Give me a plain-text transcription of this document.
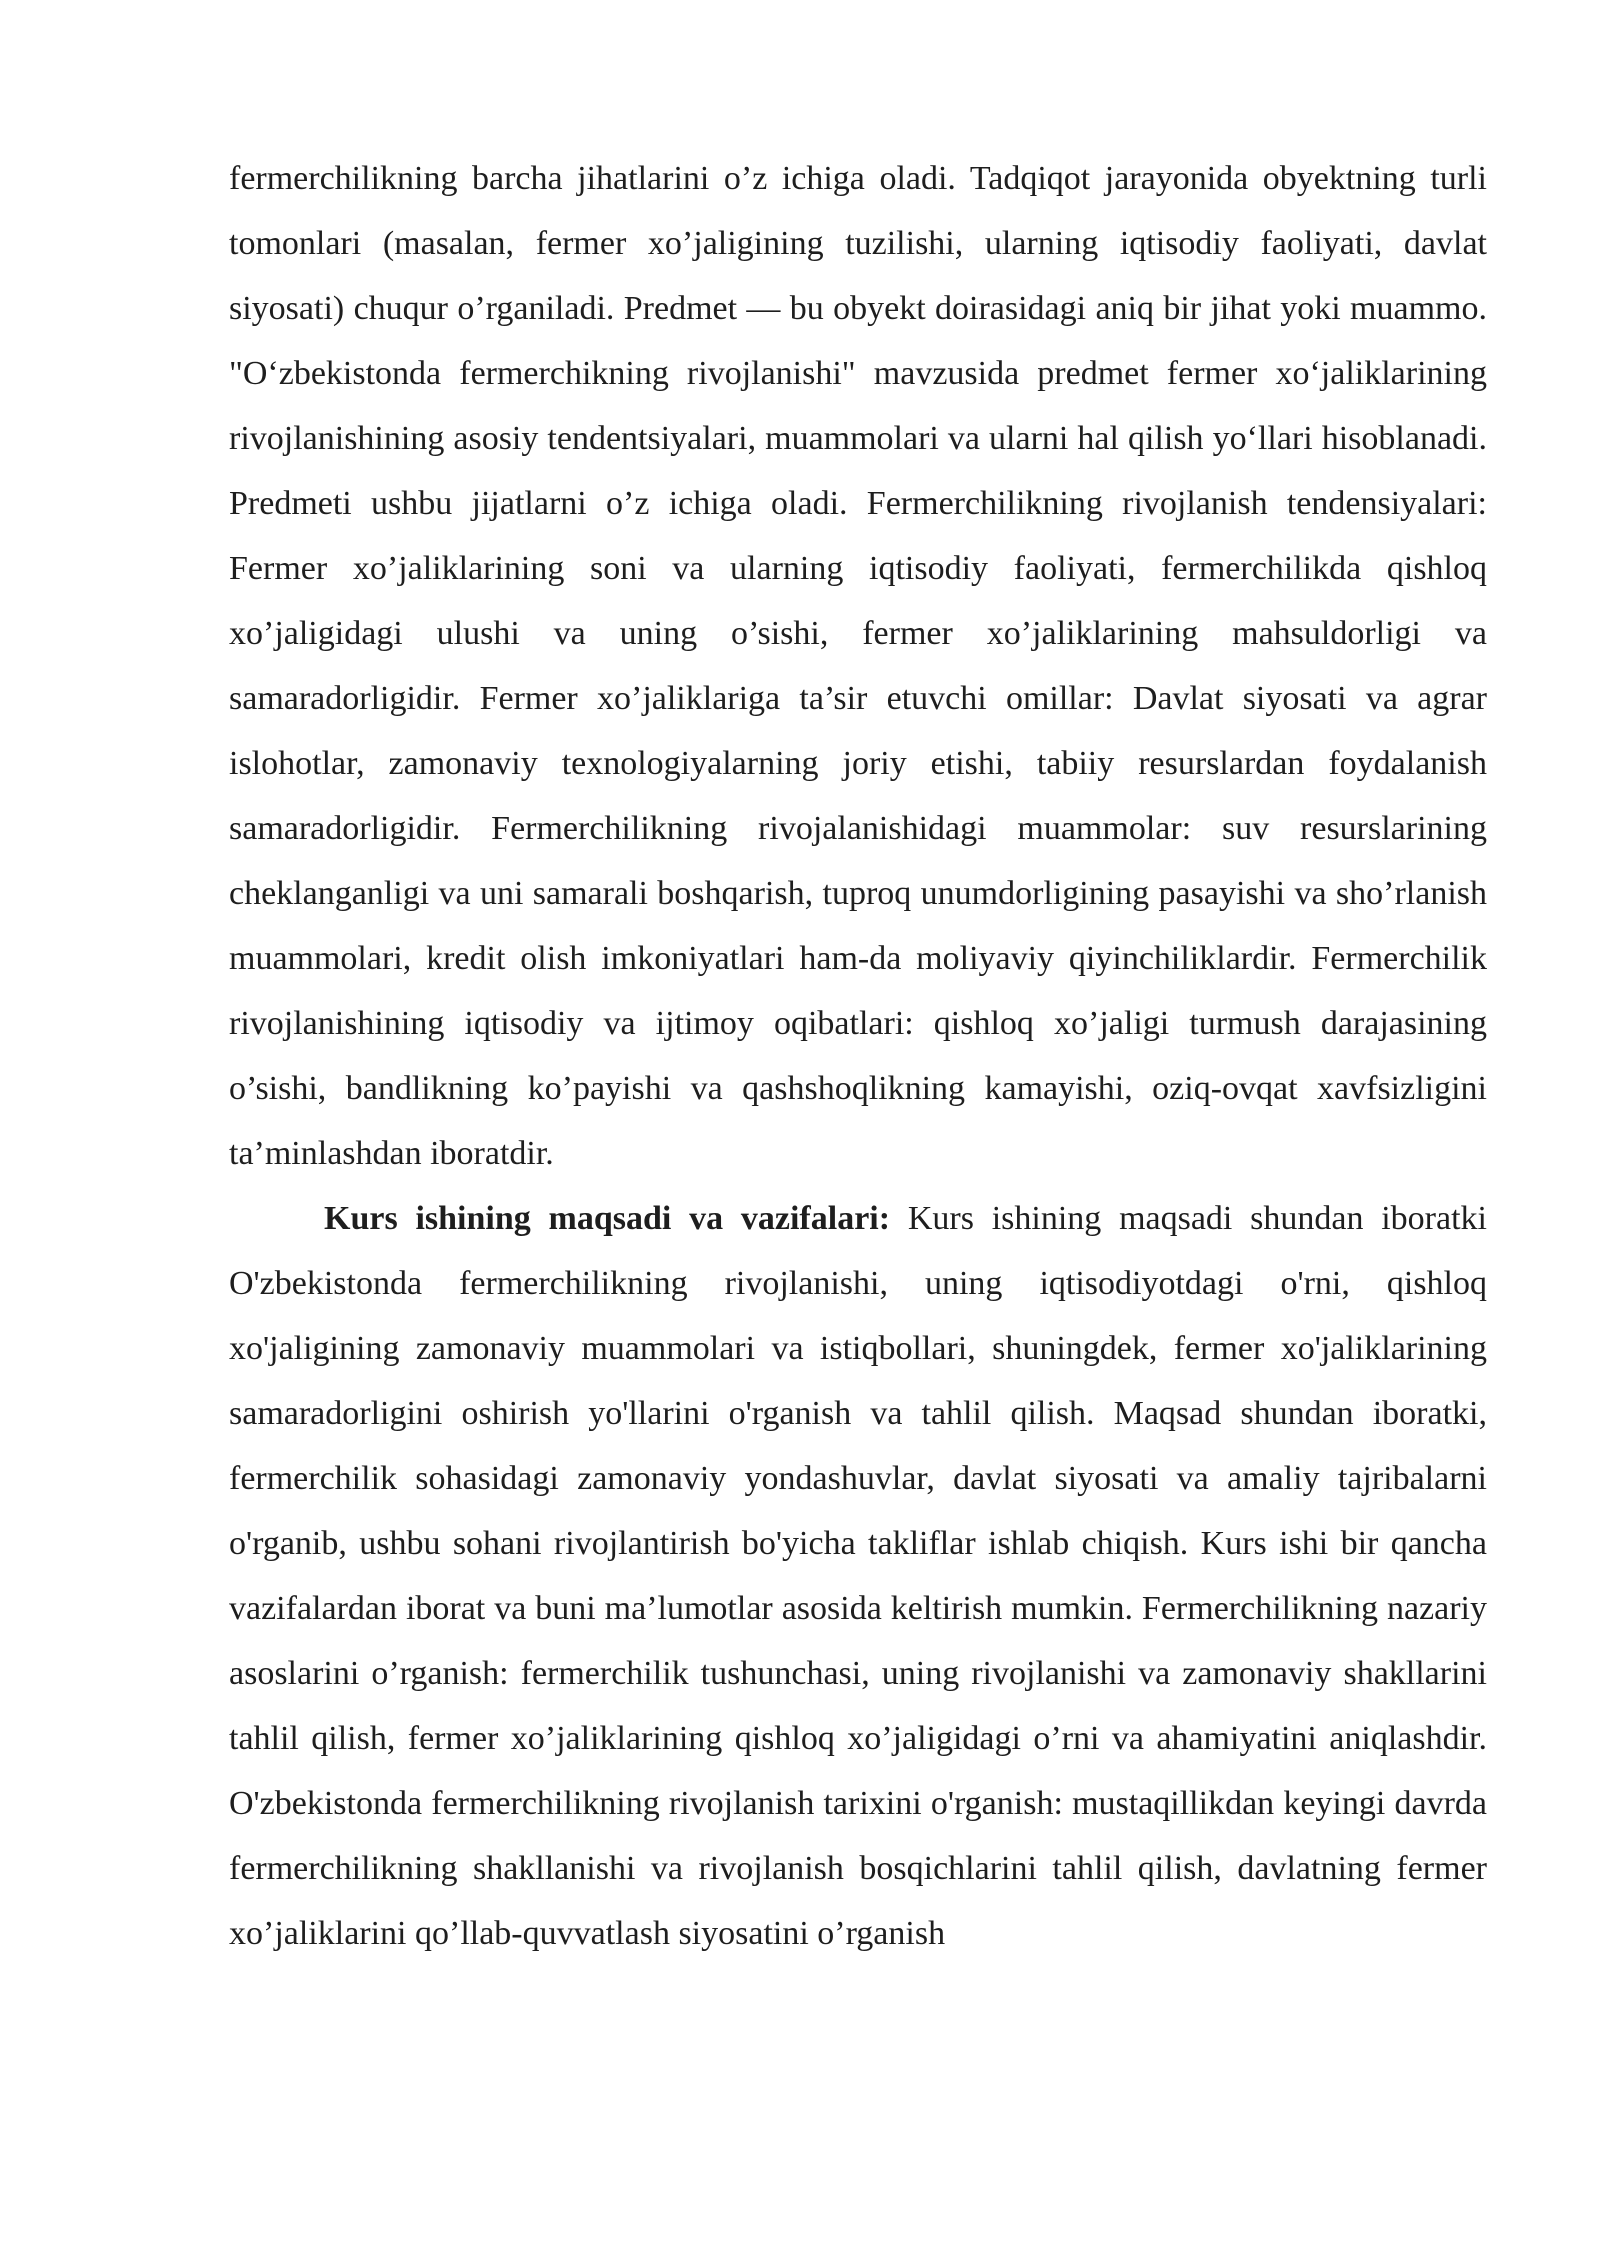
fermerchilikning barcha jihatlarini o’z ichiga oladi. Tadqiqot jarayonida obyektning turli tomonlari (masalan, fermer xo’jaligining tuzilishi, ularning iqtisodiy faoliyati, davlat siyosati) chuqur o’rganiladi. Predmet — bu obyekt doirasidagi aniq bir jihat yoki muammo. "O‘zbekistonda fermerchikning rivojlanishi" mavzusida predmet fermer xo‘jaliklarining rivojlanishining asosiy tendentsiyalari, muammolari va ularni hal qilish yo‘llari hisoblanadi. Predmeti ushbu jijatlarni o’z ichiga oladi. Fermerchilikning rivojlanish tendensiyalari: Fermer xo’jaliklarining soni va ularning iqtisodiy faoliyati, fermerchilikda qishloq xo’jaligidagi ulushi va uning o’sishi, fermer xo’jaliklarining mahsuldorligi va samaradorligidir. Fermer xo’jaliklariga ta’sir etuvchi omillar: Davlat siyosati va agrar islohotlar, zamonaviy texnologiyalarning joriy etishi, tabiiy resurslardan foydalanish samaradorligidir. Fermerchilikning rivojalanishidagi muammolar: suv resurslarining cheklanganligi va uni samarali boshqarish, tuproq unumdorligining pasayishi va sho’rlanish muammolari, kredit olish imkoniyatlari ham-da moliyaviy qiyinchiliklardir. Fermerchilik rivojlanishining iqtisodiy va ijtimoy oqibatlari: qishloq xo’jaligi turmush darajasining o’sishi, bandlikning ko’payishi va qashshoqlikning kamayishi, oziq-ovqat xavfsizligini ta’minlashdan iboratdir.

Kurs ishining maqsadi va vazifalari: Kurs ishining maqsadi shundan iboratki O'zbekistonda fermerchilikning rivojlanishi, uning iqtisodiyotdagi o'rni, qishloq xo'jaligining zamonaviy muammolari va istiqbollari, shuningdek, fermer xo'jaliklarining samaradorligini oshirish yo'llarini o'rganish va tahlil qilish. Maqsad shundan iboratki, fermerchilik sohasidagi zamonaviy yondashuvlar, davlat siyosati va amaliy tajribalarni o'rganib, ushbu sohani rivojlantirish bo'yicha takliflar ishlab chiqish. Kurs ishi bir qancha vazifalardan iborat va buni ma’lumotlar asosida keltirish mumkin. Fermerchilikning nazariy asoslarini o’rganish: fermerchilik tushunchasi, uning rivojlanishi va zamonaviy shakllarini tahlil qilish, fermer xo’jaliklarining qishloq xo’jaligidagi o’rni va ahamiyatini aniqlashdir. O'zbekistonda fermerchilikning rivojlanish tarixini o'rganish: mustaqillikdan keyingi davrda fermerchilikning shakllanishi va rivojlanish bosqichlarini tahlil qilish, davlatning fermer xo’jaliklarini qo’llab-quvvatlash siyosatini o’rganish
